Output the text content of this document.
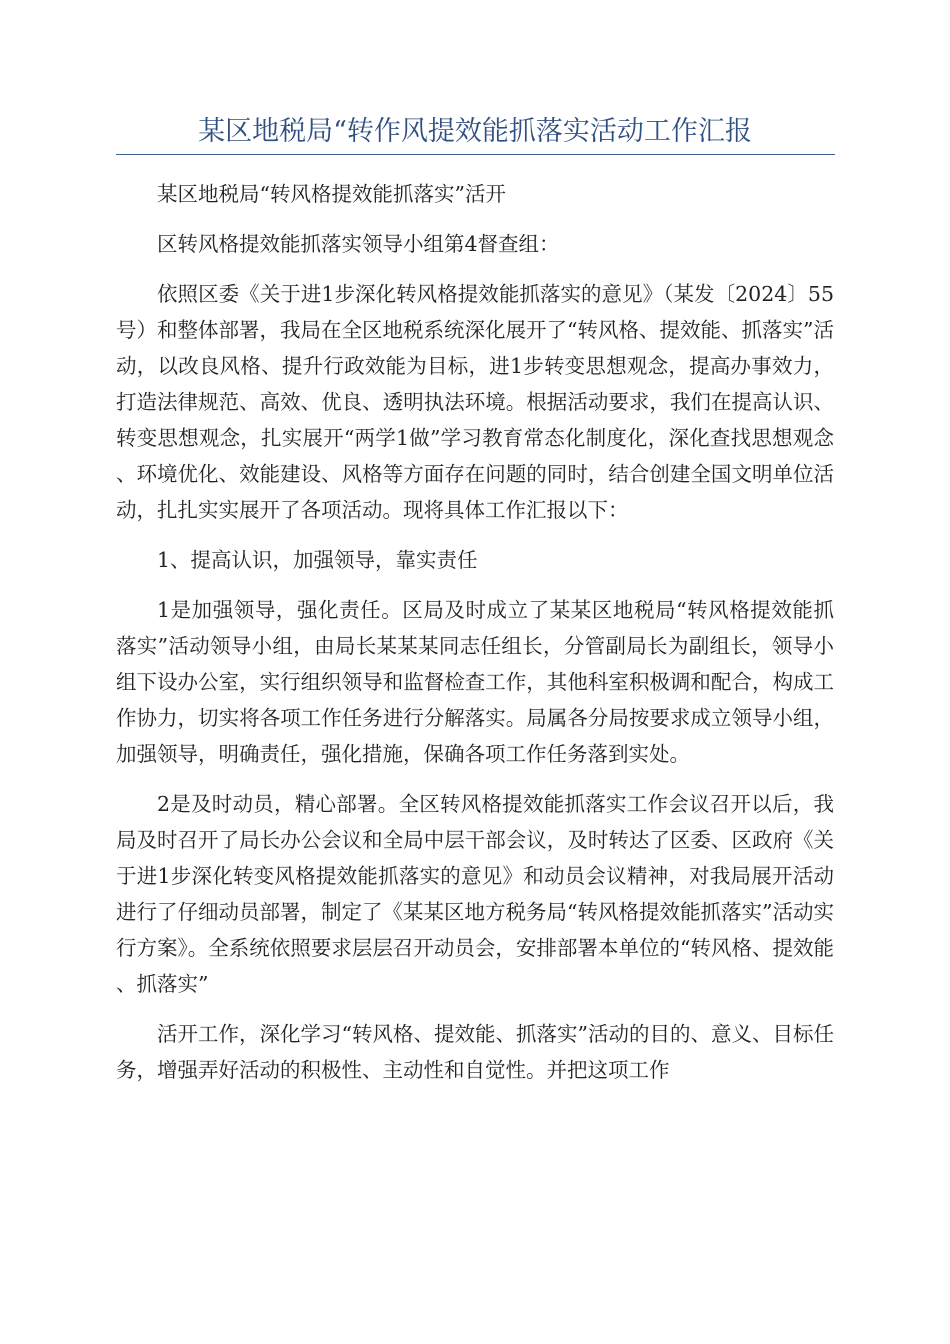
某区地税局“转作风提效能抓落实活动工作汇报

某区地税局“转风格提效能抓落实”活开

区转风格提效能抓落实领导小组第4督查组：

依照区委《关于进1步深化转风格提效能抓落实的意见》（某发〔2024〕55号）和整体部署，我局在全区地税系统深化展开了“转风格、提效能、抓落实”活动，以改良风格、提升行政效能为目标，进1步转变思想观念，提高办事效力，打造法律规范、高效、优良、透明执法环境。根据活动要求，我们在提高认识、转变思想观念，扎实展开“两学1做”学习教育常态化制度化，深化查找思想观念、环境优化、效能建设、风格等方面存在问题的同时，结合创建全国文明单位活动，扎扎实实展开了各项活动。现将具体工作汇报以下：

1、提高认识，加强领导，靠实责任

1是加强领导，强化责任。区局及时成立了某某区地税局“转风格提效能抓落实”活动领导小组，由局长某某某同志任组长，分管副局长为副组长，领导小组下设办公室，实行组织领导和监督检查工作，其他科室积极调和配合，构成工作协力，切实将各项工作任务进行分解落实。局属各分局按要求成立领导小组，加强领导，明确责任，强化措施，保确各项工作任务落到实处。

2是及时动员，精心部署。全区转风格提效能抓落实工作会议召开以后，我局及时召开了局长办公会议和全局中层干部会议，及时转达了区委、区政府《关于进1步深化转变风格提效能抓落实的意见》和动员会议精神，对我局展开活动进行了仔细动员部署，制定了《某某区地方税务局“转风格提效能抓落实”活动实行方案》。全系统依照要求层层召开动员会，安排部署本单位的“转风格、提效能、抓落实”

活开工作，深化学习“转风格、提效能、抓落实”活动的目的、意义、目标任务，增强弄好活动的积极性、主动性和自觉性。并把这项工作
